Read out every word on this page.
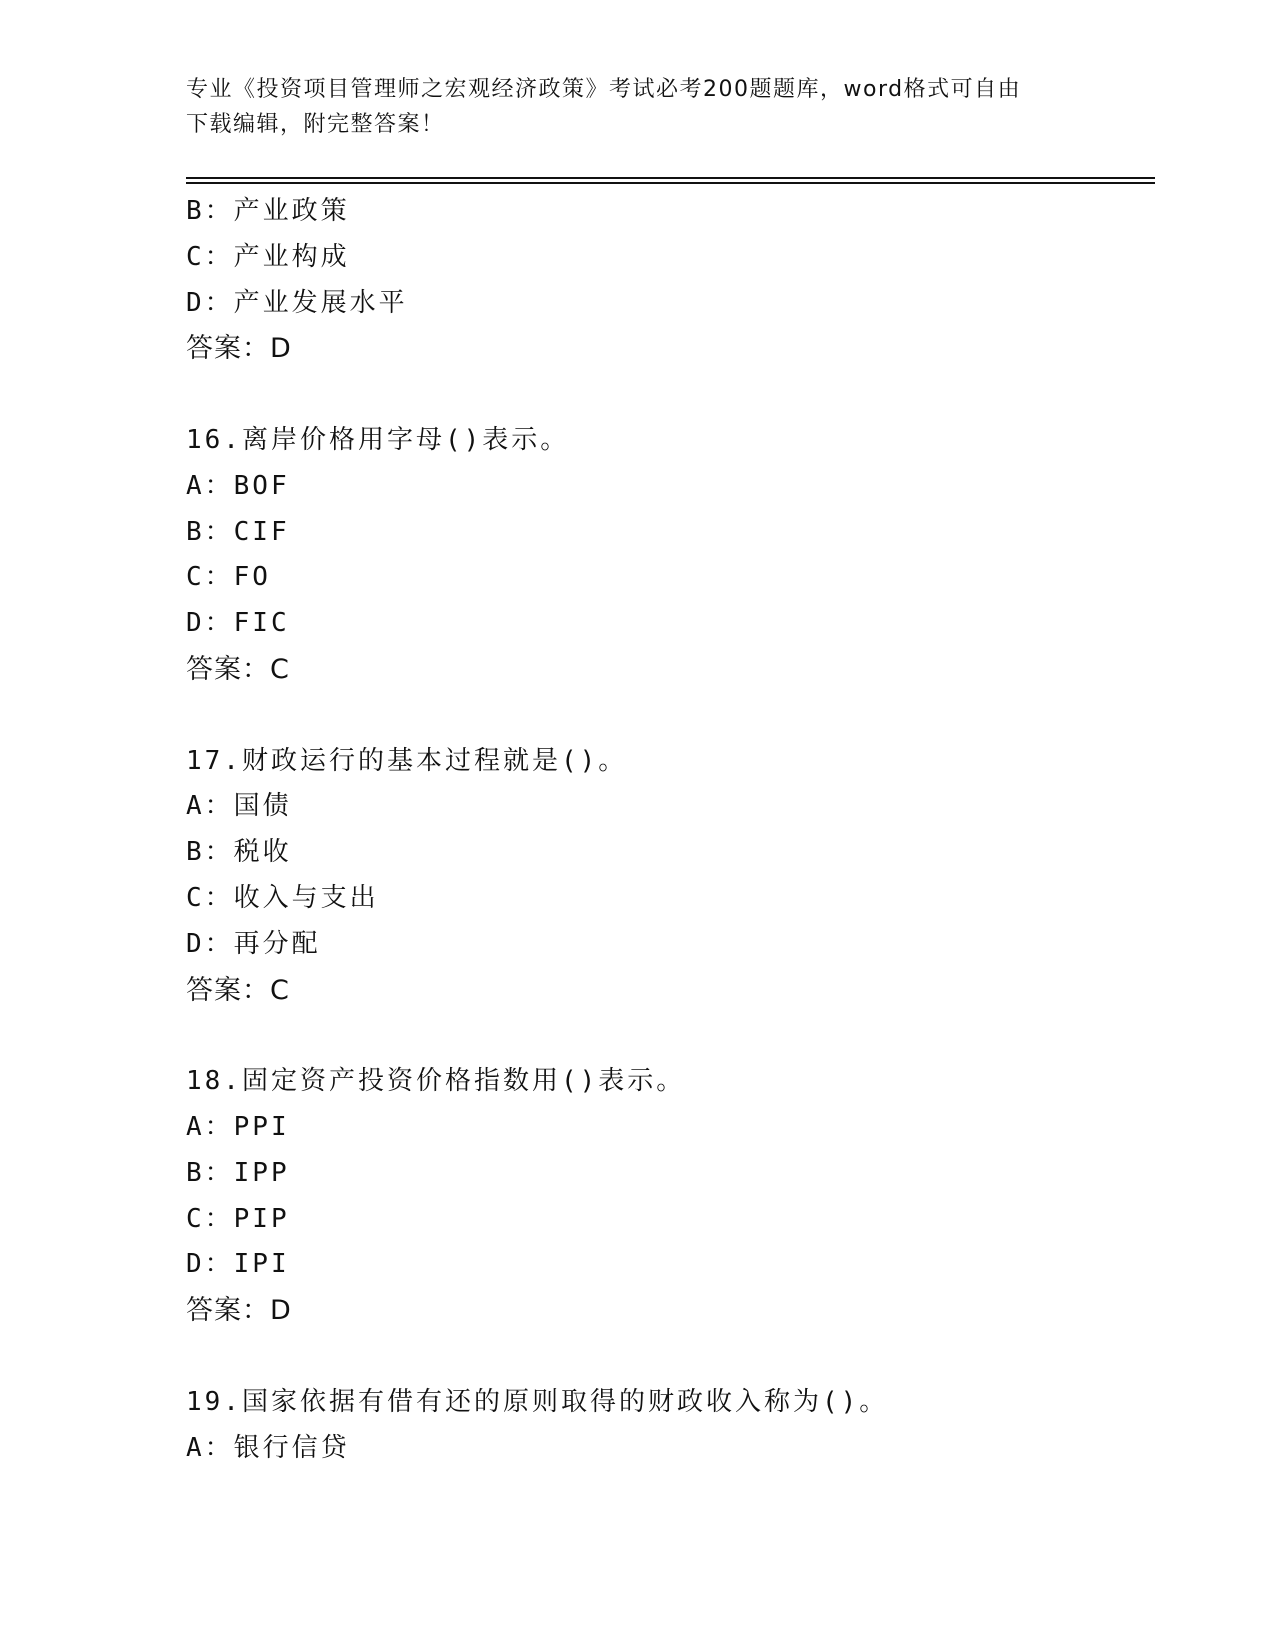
专业《投资项目管理师之宏观经济政策》考试必考200题题库，word格式可自由
下载编辑，附完整答案！
B：产业政策
C：产业构成
D：产业发展水平
答案：D
16.离岸价格用字母()表示。
A：BOF
B：CIF
C：FO
D：FIC
答案：C
17.财政运行的基本过程就是()。
A：国债
B：税收
C：收入与支出
D：再分配
答案：C
18.固定资产投资价格指数用()表示。
A：PPI
B：IPP
C：PIP
D：IPI
答案：D
19.国家依据有借有还的原则取得的财政收入称为()。
A：银行信贷
